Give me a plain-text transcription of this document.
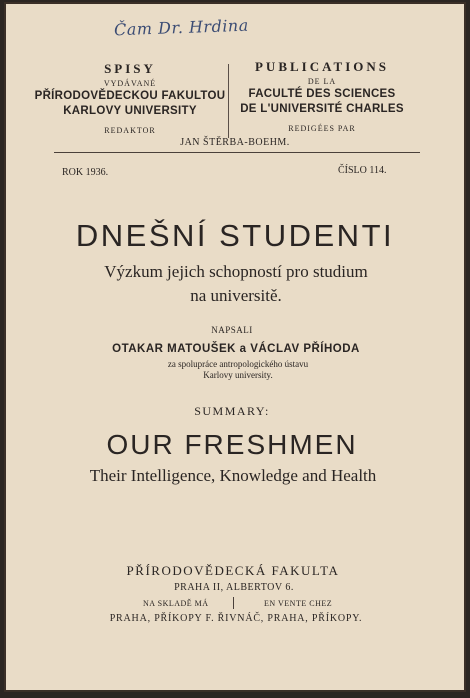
Čam Dr. Hrdina
SPISY
VYDÁVANÉ
PŘÍRODOVĚDECKOU FAKULTOU
KARLOVY UNIVERSITY
REDAKTOR
PUBLICATIONS
DE LA
FACULTÉ DES SCIENCES
DE L'UNIVERSITÉ CHARLES
REDIGÉES PAR
JAN ŠTĚRBA-BOEHM.
ROK 1936.	ČÍSLO 114.
DNEŠNÍ STUDENTI
Výzkum jejich schopností pro studium
na universitě.
NAPSALI
OTAKAR MATOUŠEK a VÁCLAV PŘÍHODA
za spolupráce antropologického ústavu
Karlovy university.
SUMMARY:
OUR FRESHMEN
Their Intelligence, Knowledge and Health
PŘÍRODOVĚDECKÁ FAKULTA
PRAHA II, ALBERTOV 6.
NA SKLADĚ MÁ	EN VENTE CHEZ
PRAHA, PŘÍKOPY F. ŘIVNÁČ, PRAHA, PŘÍKOPY.
